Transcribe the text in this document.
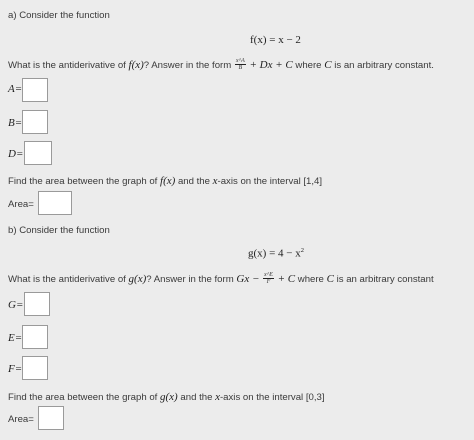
a) Consider the function
f(x) = x − 2
What is the antiderivative of f(x)? Answer in the form $\frac{x\^{}A}{B} + Dx + C$ where C is an arbitrary constant.
A=
B=
D=
Find the area between the graph of f(x) and the x-axis on the interval [1,4]
Area=
b) Consider the function
$g(x) = 4 - x^2$
What is the antiderivative of g(x)? Answer in the form $Gx - \frac{x\^{}E}{F} + C$ where C is an arbitrary constant
G=
E=
F=
Find the area between the graph of g(x) and the x-axis on the interval [0,3]
Area=
